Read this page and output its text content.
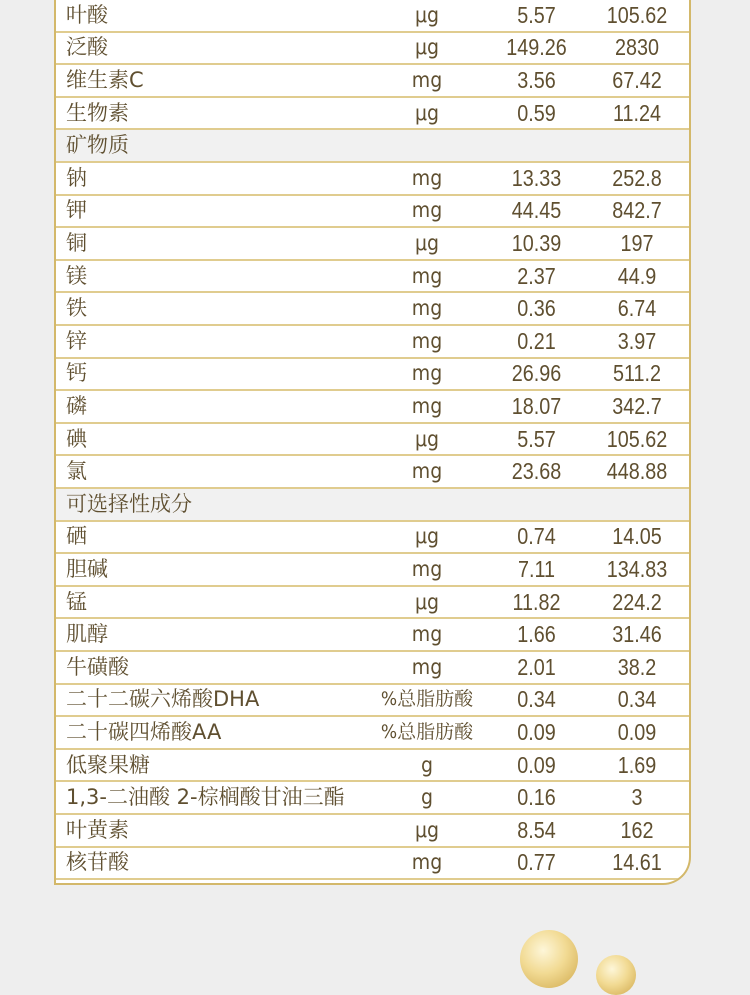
叶酸	μg	5.57	105.62
泛酸	μg	149.26	2830
维生素C	mg	3.56	67.42
生物素	μg	0.59	11.24
矿物质
钠	mg	13.33	252.8
钾	mg	44.45	842.7
铜	μg	10.39	197
镁	mg	2.37	44.9
铁	mg	0.36	6.74
锌	mg	0.21	3.97
钙	mg	26.96	511.2
磷	mg	18.07	342.7
碘	μg	5.57	105.62
氯	mg	23.68	448.88
可选择性成分
硒	μg	0.74	14.05
胆碱	mg	7.11	134.83
锰	μg	11.82	224.2
肌醇	mg	1.66	31.46
牛磺酸	mg	2.01	38.2
二十二碳六烯酸DHA	%总脂肪酸	0.34	0.34
二十碳四烯酸AA	%总脂肪酸	0.09	0.09
低聚果糖	g	0.09	1.69
1,3-二油酸 2-棕榈酸甘油三酯	g	0.16	3
叶黄素	μg	8.54	162
核苷酸	mg	0.77	14.61
